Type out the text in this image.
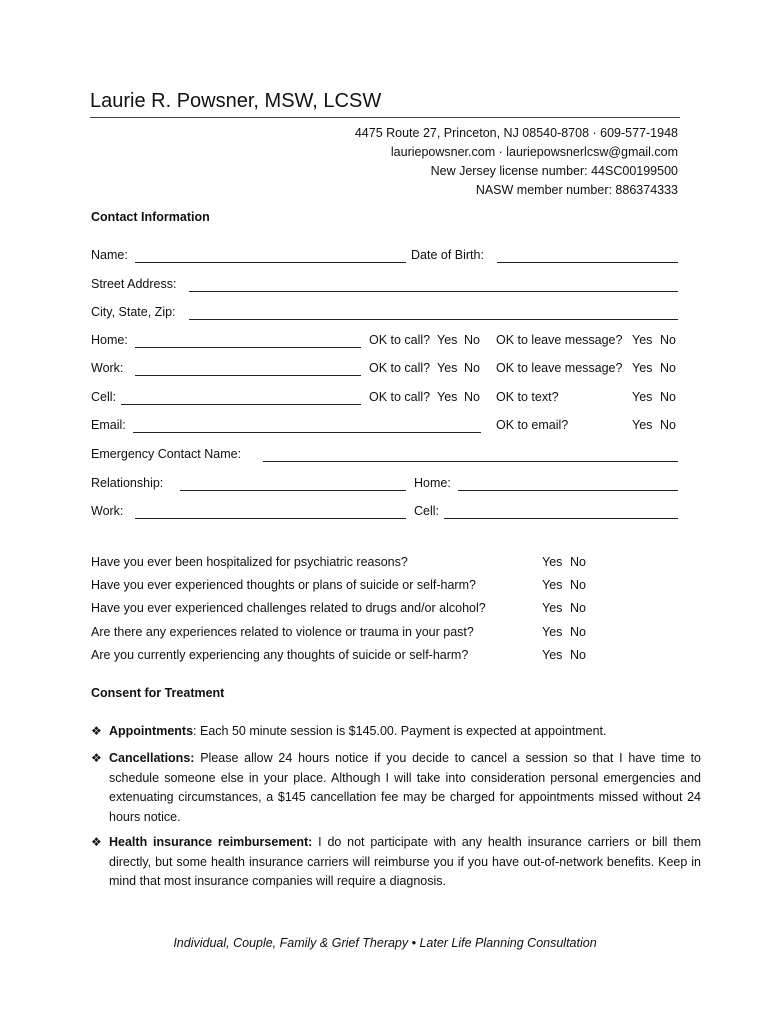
Laurie R. Powsner, MSW, LCSW
4475 Route 27, Princeton, NJ 08540-8708 · 609-577-1948
lauriepowsner.com · lauriepowsnerlcsw@gmail.com
New Jersey license number: 44SC00199500
NASW member number: 886374333
Contact Information
Name:	Date of Birth:
Street Address:
City, State, Zip:
Home:	OK to call? Yes No OK to leave message? Yes No
Work:	OK to call? Yes No OK to leave message? Yes No
Cell:	OK to call? Yes No OK to text?	Yes No
Email:	OK to email?	Yes No
Emergency Contact Name:
Relationship:	Home:
Work:	Cell:
Have you ever been hospitalized for psychiatric reasons?	Yes No
Have you ever experienced thoughts or plans of suicide or self-harm?	Yes No
Have you ever experienced challenges related to drugs and/or alcohol?	Yes No
Are there any experiences related to violence or trauma in your past?	Yes No
Are you currently experiencing any thoughts of suicide or self-harm?	Yes No
Consent for Treatment
❖ Appointments: Each 50 minute session is $145.00. Payment is expected at appointment.
❖ Cancellations: Please allow 24 hours notice if you decide to cancel a session so that I have time to schedule someone else in your place. Although I will take into consideration personal emergencies and extenuating circumstances, a $145 cancellation fee may be charged for appointments missed without 24 hours notice.
❖ Health insurance reimbursement: I do not participate with any health insurance carriers or bill them directly, but some health insurance carriers will reimburse you if you have out-of-network benefits. Keep in mind that most insurance companies will require a diagnosis.
Individual, Couple, Family & Grief Therapy • Later Life Planning Consultation
